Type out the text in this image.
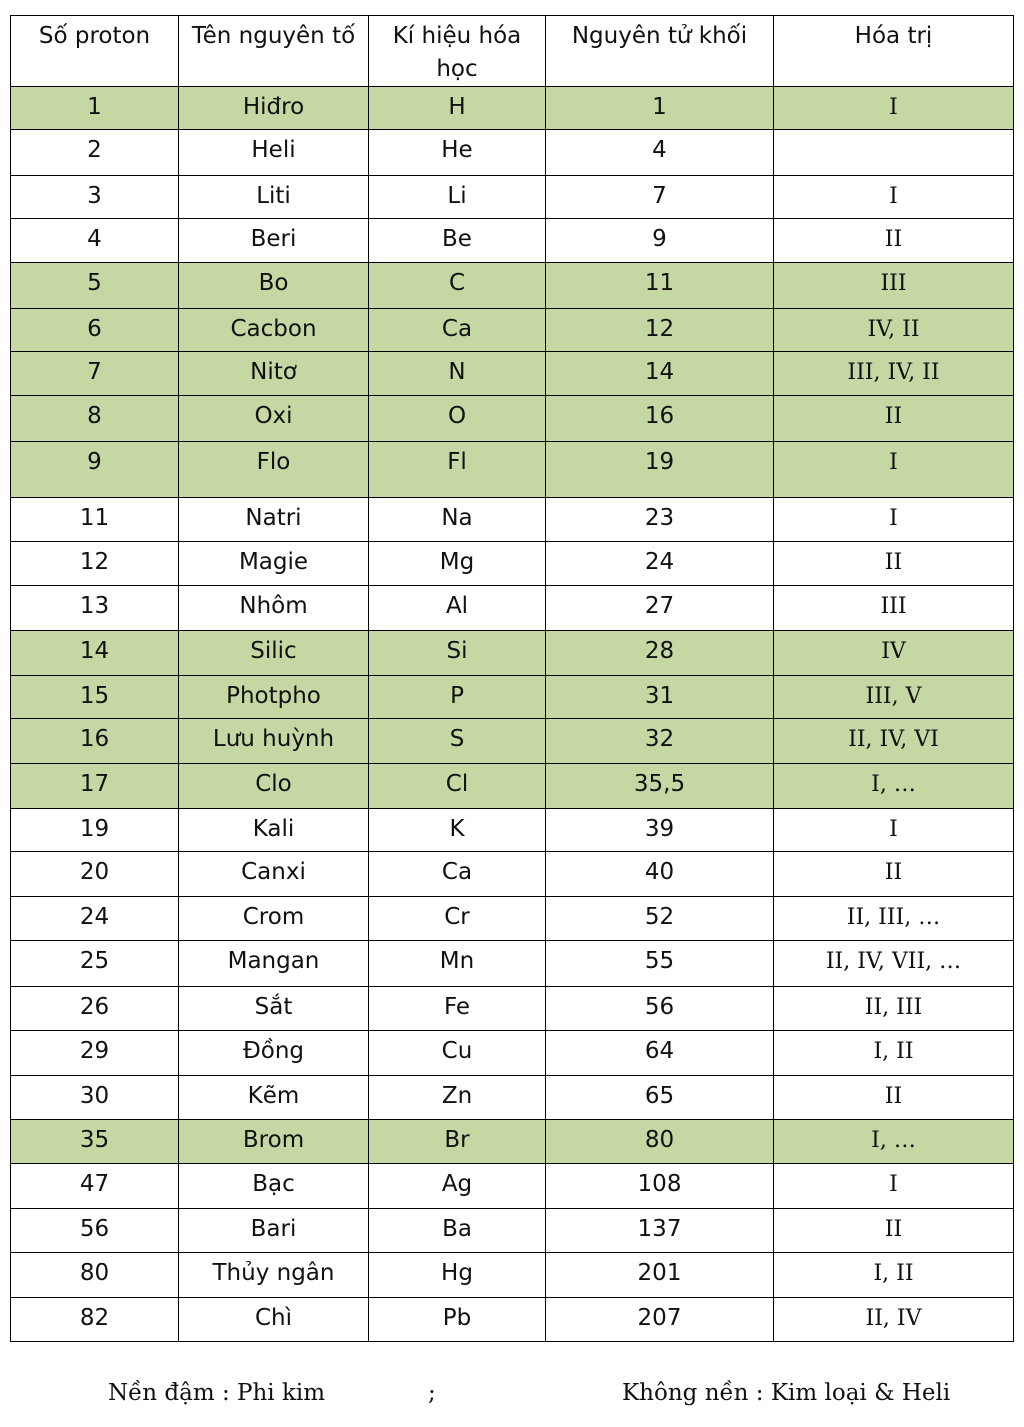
Số proton	Tên nguyên tố	Kí hiệu hóa học	Nguyên tử khối	Hóa trị
1	Hiđro	H	1	I
2	Heli	He	4	
3	Liti	Li	7	I
4	Beri	Be	9	II
5	Bo	C	11	III
6	Cacbon	Ca	12	IV, II
7	Nitơ	N	14	III, IV, II
8	Oxi	O	16	II
9	Flo	Fl	19	I
11	Natri	Na	23	I
12	Magie	Mg	24	II
13	Nhôm	Al	27	III
14	Silic	Si	28	IV
15	Photpho	P	31	III, V
16	Lưu huỳnh	S	32	II, IV, VI
17	Clo	Cl	35,5	I, …
19	Kali	K	39	I
20	Canxi	Ca	40	II
24	Crom	Cr	52	II, III, …
25	Mangan	Mn	55	II, IV, VII, …
26	Sắt	Fe	56	II, III
29	Đồng	Cu	64	I, II
30	Kẽm	Zn	65	II
35	Brom	Br	80	I, …
47	Bạc	Ag	108	I
56	Bari	Ba	137	II
80	Thủy ngân	Hg	201	I, II
82	Chì	Pb	207	II, IV
Nền đậm : Phi kim	;	Không nền : Kim loại & Heli
